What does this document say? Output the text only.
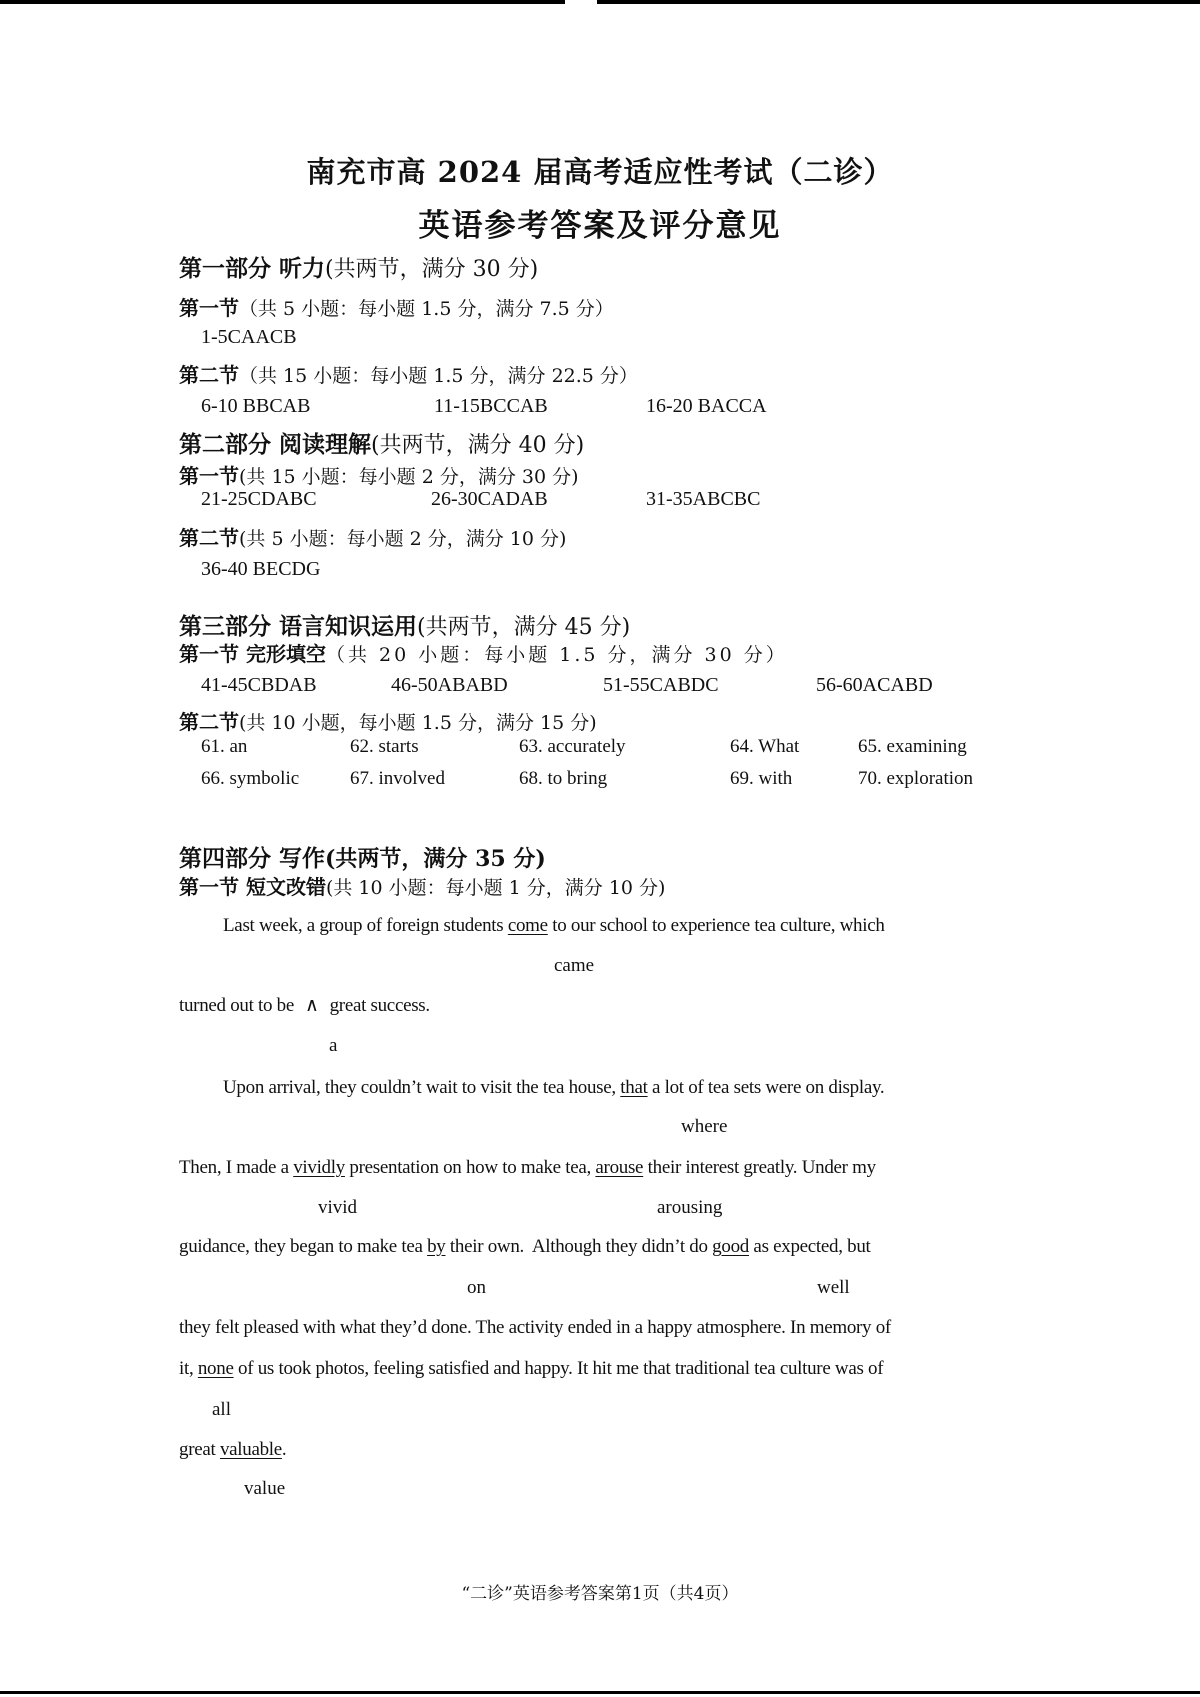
南充市高 2024 届高考适应性考试（二诊）
英语参考答案及评分意见
第一部分 听力(共两节，满分 30 分)
第一节（共 5 小题：每小题 1.5 分，满分 7.5 分）
1-5CAACB
第二节（共 15 小题：每小题 1.5 分，满分 22.5 分）
6-10 BBCAB	11-15BCCAB	16-20 BACCA
第二部分 阅读理解(共两节，满分 40 分)
第一节(共 15 小题：每小题 2 分，满分 30 分)
21-25CDABC	26-30CADAB	31-35ABCBC
第二节(共 5 小题：每小题 2 分，满分 10 分)
36-40 BECDG
第三部分 语言知识运用(共两节，满分 45 分)
第一节 完形填空（共 20 小题：每小题 1.5 分，满分 30 分）
41-45CBDAB	46-50ABABD	51-55CABDC	56-60ACABD
第二节(共 10 小题，每小题 1.5 分，满分 15 分)
61. an	62. starts	63. accurately	64. What	65. examining
66. symbolic	67. involved	68. to bring	69. with	70. exploration
第四部分 写作(共两节，满分 35 分)
第一节 短文改错(共 10 小题：每小题 1 分，满分 10 分)
Last week, a group of foreign students come to our school to experience tea culture, which
came
turned out to be ∧ great success.
a
Upon arrival, they couldn’t wait to visit the tea house, that a lot of tea sets were on display.
where
Then, I made a vividly presentation on how to make tea, arouse their interest greatly. Under my
vivid	arousing
guidance, they began to make tea by their own.  Although they didn’t do good as expected, but
on	well
they felt pleased with what they’d done. The activity ended in a happy atmosphere. In memory of
it, none of us took photos, feeling satisfied and happy. It hit me that traditional tea culture was of
all
great valuable.
value
“二诊”英语参考答案第1页（共4页）
